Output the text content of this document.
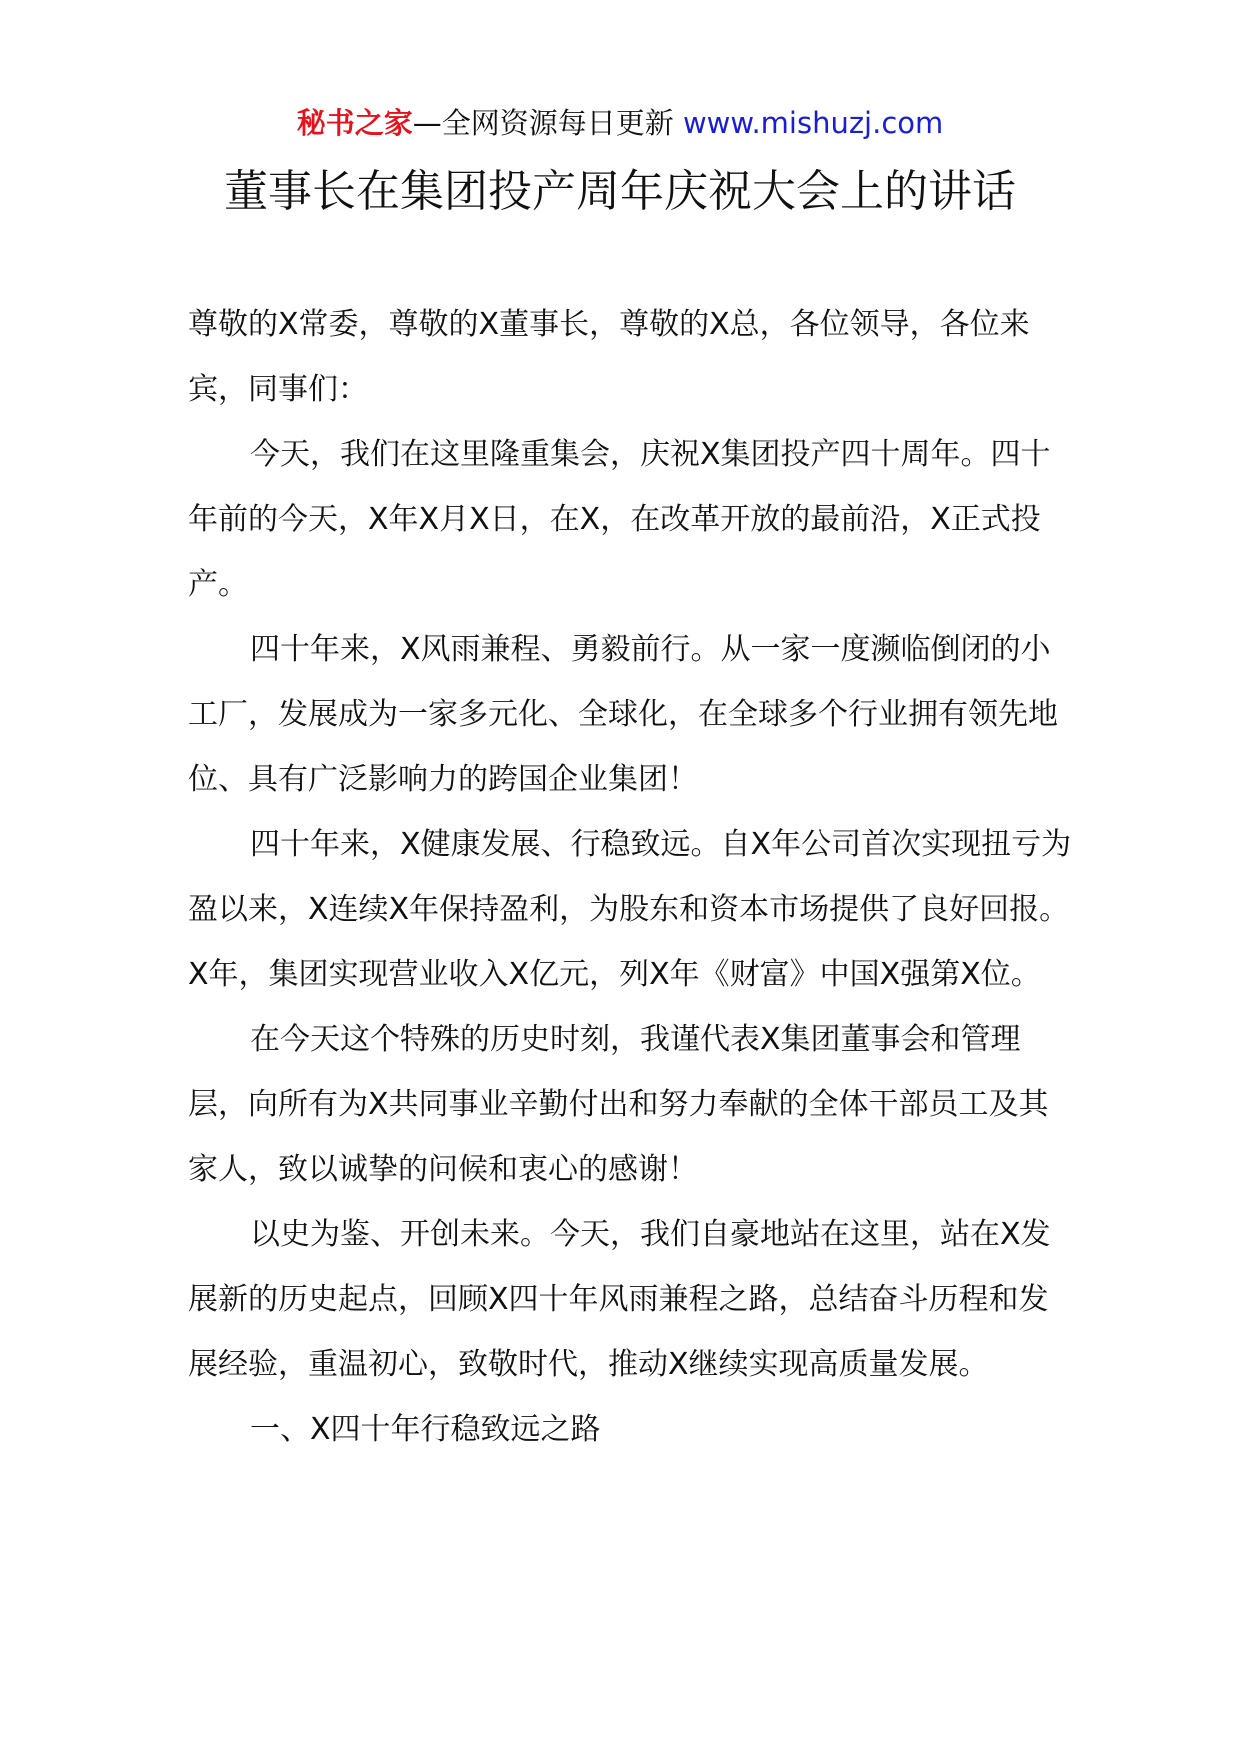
秘书之家—全网资源每日更新 www.mishuzj.com
董事长在集团投产周年庆祝大会上的讲话

尊敬的X常委，尊敬的X董事长，尊敬的X总，各位领导，各位来宾，同事们：

今天，我们在这里隆重集会，庆祝X集团投产四十周年。四十年前的今天，X年X月X日，在X，在改革开放的最前沿，X正式投产。

四十年来，X风雨兼程、勇毅前行。从一家一度濒临倒闭的小工厂，发展成为一家多元化、全球化，在全球多个行业拥有领先地位、具有广泛影响力的跨国企业集团！

四十年来，X健康发展、行稳致远。自X年公司首次实现扭亏为盈以来，X连续X年保持盈利，为股东和资本市场提供了良好回报。X年，集团实现营业收入X亿元，列X年《财富》中国X强第X位。

在今天这个特殊的历史时刻，我谨代表X集团董事会和管理层，向所有为X共同事业辛勤付出和努力奉献的全体干部员工及其家人，致以诚挚的问候和衷心的感谢！

以史为鉴、开创未来。今天，我们自豪地站在这里，站在X发展新的历史起点，回顾X四十年风雨兼程之路，总结奋斗历程和发展经验，重温初心，致敬时代，推动X继续实现高质量发展。

一、X四十年行稳致远之路
